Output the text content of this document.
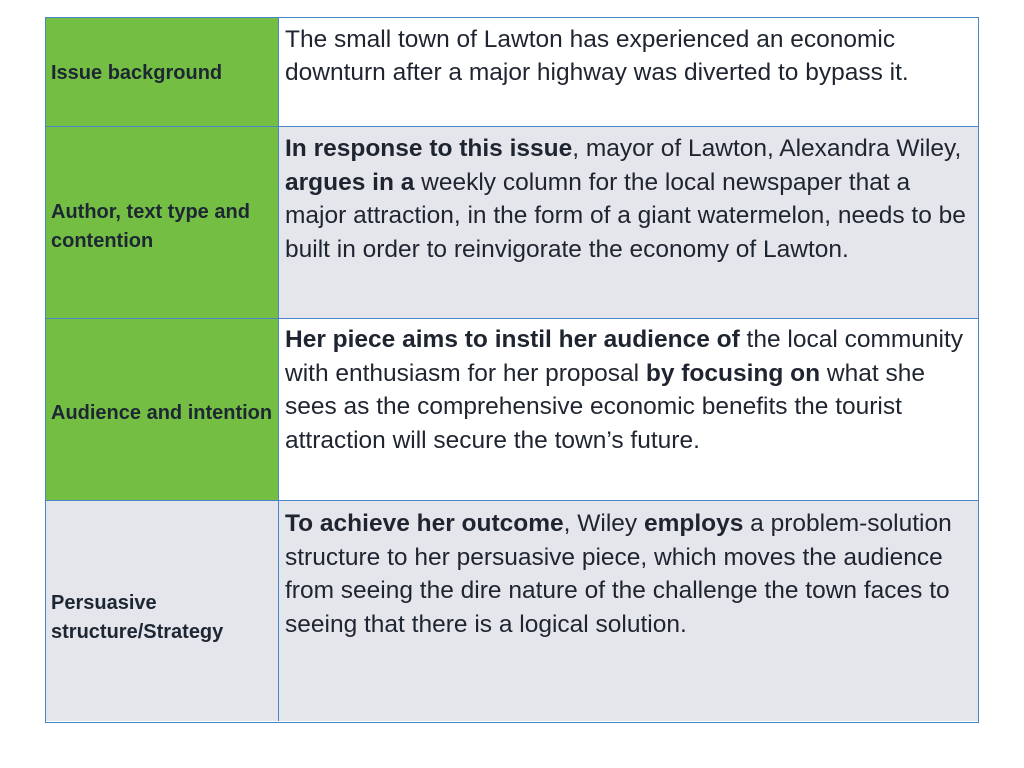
Issue background
The small town of Lawton has experienced an economic downturn after a major highway was diverted to bypass it.
Author, text type and contention
In response to this issue, mayor of Lawton, Alexandra Wiley, argues in a weekly column for the local newspaper that a major attraction, in the form of a giant watermelon, needs to be built in order to reinvigorate the economy of Lawton.
Audience and intention
Her piece aims to instil her audience of the local community with enthusiasm for her proposal by focusing on what she sees as the comprehensive economic benefits the tourist attraction will secure the town’s future.
Persuasive structure/Strategy
To achieve her outcome, Wiley employs a problem-solution structure to her persuasive piece, which moves the audience from seeing the dire nature of the challenge the town faces to seeing that there is a logical solution.
